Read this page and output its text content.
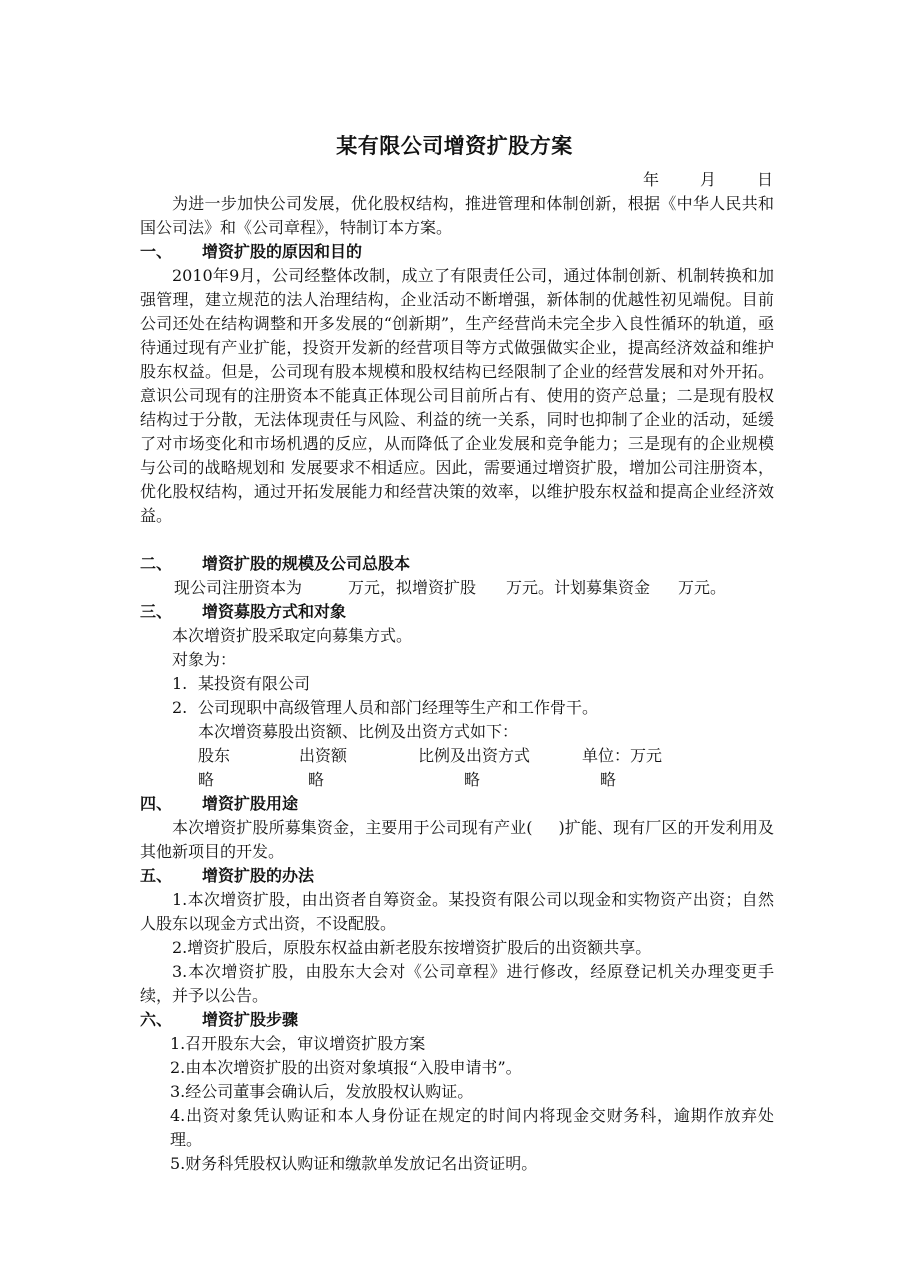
某有限公司增资扩股方案
年	月	日
为进一步加快公司发展，优化股权结构，推进管理和体制创新，根据《中华人民共和国公司法》和《公司章程》，特制订本方案。
一、 增资扩股的原因和目的
2010年9月，公司经整体改制，成立了有限责任公司，通过体制创新、机制转换和加强管理，建立规范的法人治理结构，企业活动不断增强，新体制的优越性初见端倪。目前公司还处在结构调整和开多发展的“创新期”，生产经营尚未完全步入良性循环的轨道，亟待通过现有产业扩能，投资开发新的经营项目等方式做强做实企业，提高经济效益和维护股东权益。但是，公司现有股本规模和股权结构已经限制了企业的经营发展和对外开拓。意识公司现有的注册资本不能真正体现公司目前所占有、使用的资产总量；二是现有股权结构过于分散，无法体现责任与风险、利益的统一关系，同时也抑制了企业的活动，延缓了对市场变化和市场机遇的反应，从而降低了企业发展和竞争能力；三是现有的企业规模与公司的战略规划和 发展要求不相适应。因此，需要通过增资扩股，增加公司注册资本，优化股权结构，通过开拓发展能力和经营决策的效率，以维护股东权益和提高企业经济效益。
二、 增资扩股的规模及公司总股本
现公司注册资本为	万元，拟增资扩股 万元。计划募集资金 万元。
三、 增资募股方式和对象
本次增资扩股采取定向募集方式。
对象为：
1. 某投资有限公司
2. 公司现职中高级管理人员和部门经理等生产和工作骨干。
本次增资募股出资额、比例及出资方式如下：
股东	出资额	比例及出资方式	单位：万元
略	略	略	略
四、 增资扩股用途
本次增资扩股所募集资金，主要用于公司现有产业( )扩能、现有厂区的开发利用及其他新项目的开发。
五、 增资扩股的办法
1.本次增资扩股，由出资者自筹资金。某投资有限公司以现金和实物资产出资；自然人股东以现金方式出资，不设配股。
2.增资扩股后，原股东权益由新老股东按增资扩股后的出资额共享。
3.本次增资扩股，由股东大会对《公司章程》进行修改，经原登记机关办理变更手续，并予以公告。
六、 增资扩股步骤
1.召开股东大会，审议增资扩股方案
2.由本次增资扩股的出资对象填报“入股申请书”。
3.经公司董事会确认后，发放股权认购证。
4.出资对象凭认购证和本人身份证在规定的时间内将现金交财务科，逾期作放弃处理。
5.财务科凭股权认购证和缴款单发放记名出资证明。
